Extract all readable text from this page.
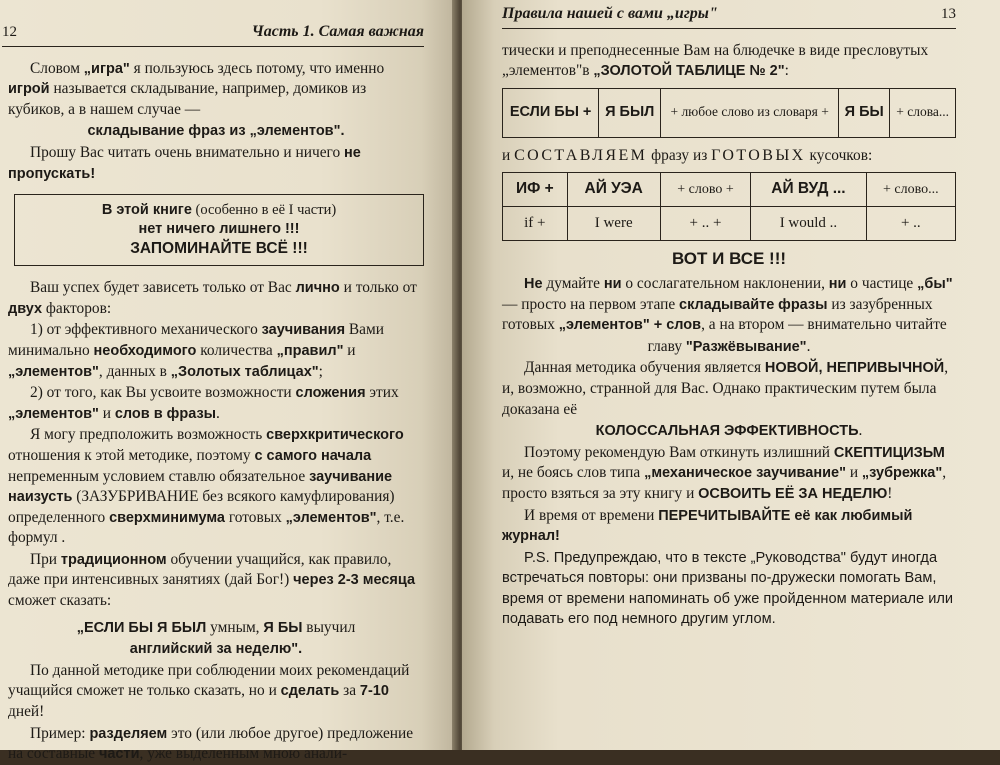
12	Часть 1. Самая важная

Словом „игра" я пользуюсь здесь потому, что именно игрой называется складывание, например, домиков из кубиков, а в нашем случае —

складывание фраз из „элементов".

Прошу Вас читать очень внимательно и ничего не пропускать!

В этой книге (особенно в её I части)
нет ничего лишнего !!!
ЗАПОМИНАЙТЕ ВСЁ !!!

Ваш успех будет зависеть только от Вас лично и только от двух факторов:

1) от эффективного механического заучивания Вами минимально необходимого количества „правил" и „элементов", данных в „Золотых таблицах";

2) от того, как Вы усвоите возможности сложения этих „элементов" и слов в фразы.

Я могу предположить возможность сверхкритического отношения к этой методике, поэтому с самого начала непременным условием ставлю обязательное заучивание наизусть (ЗАЗУБРИВАНИЕ без всякого камуфлирования) определенного сверхминимума готовых „элементов", т.е. формул .

При традиционном обучении учащийся, как правило, даже при интенсивных занятиях (дай Бог!) через 2-3 месяца сможет сказать:

„ЕСЛИ БЫ Я БЫЛ умным, Я БЫ выучил

английский за неделю".

По данной методике при соблюдении моих рекомендаций учащийся сможет не только сказать, но и сделать за 7-10 дней!

Пример: разделяем это (или любое другое) предложение на составные части, уже выделенным мною анали-

Правила нашей с вами „игры"	13

тически и преподнесенные Вам на блюдечке в виде пресловутых „элементов"в „ЗОЛОТОЙ ТАБЛИЦЕ № 2":

ЕСЛИ БЫ +	Я БЫЛ	+ любое слово из словаря +	Я БЫ	+ слова...

и СОСТАВЛЯЕМ фразу из ГОТОВЫХ кусочков:

ИФ +	АЙ УЭА	+ слово +	АЙ ВУД ...	+ слово...
if +	I were	+ .. +	I would ..	+ ..

ВОТ И ВСЕ !!!

Не думайте ни о сослагательном наклонении, ни о частице „бы" — просто на первом этапе складывайте фразы из зазубренных готовых „элементов" + слов, а на втором — внимательно читайте

главу "Разжёвывание".

Данная методика обучения является НОВОЙ, НЕПРИВЫЧНОЙ, и, возможно, странной для Вас. Однако практическим путем была доказана её

КОЛОССАЛЬНАЯ ЭФФЕКТИВНОСТЬ.

Поэтому рекомендую Вам откинуть излишний СКЕПТИЦИЗЬМ и, не боясь слов типа „механическое заучивание" и „зубрежка", просто взяться за эту книгу и ОСВОИТЬ ЕЁ ЗА НЕДЕЛЮ!

И время от времени ПЕРЕЧИТЫВАЙТЕ её как любимый журнал!

P.S. Предупреждаю, что в тексте „Руководства" будут иногда встречаться повторы: они призваны по-дружески помогать Вам, время от времени напоминать об уже пройденном материале или подавать его под немного другим углом.
